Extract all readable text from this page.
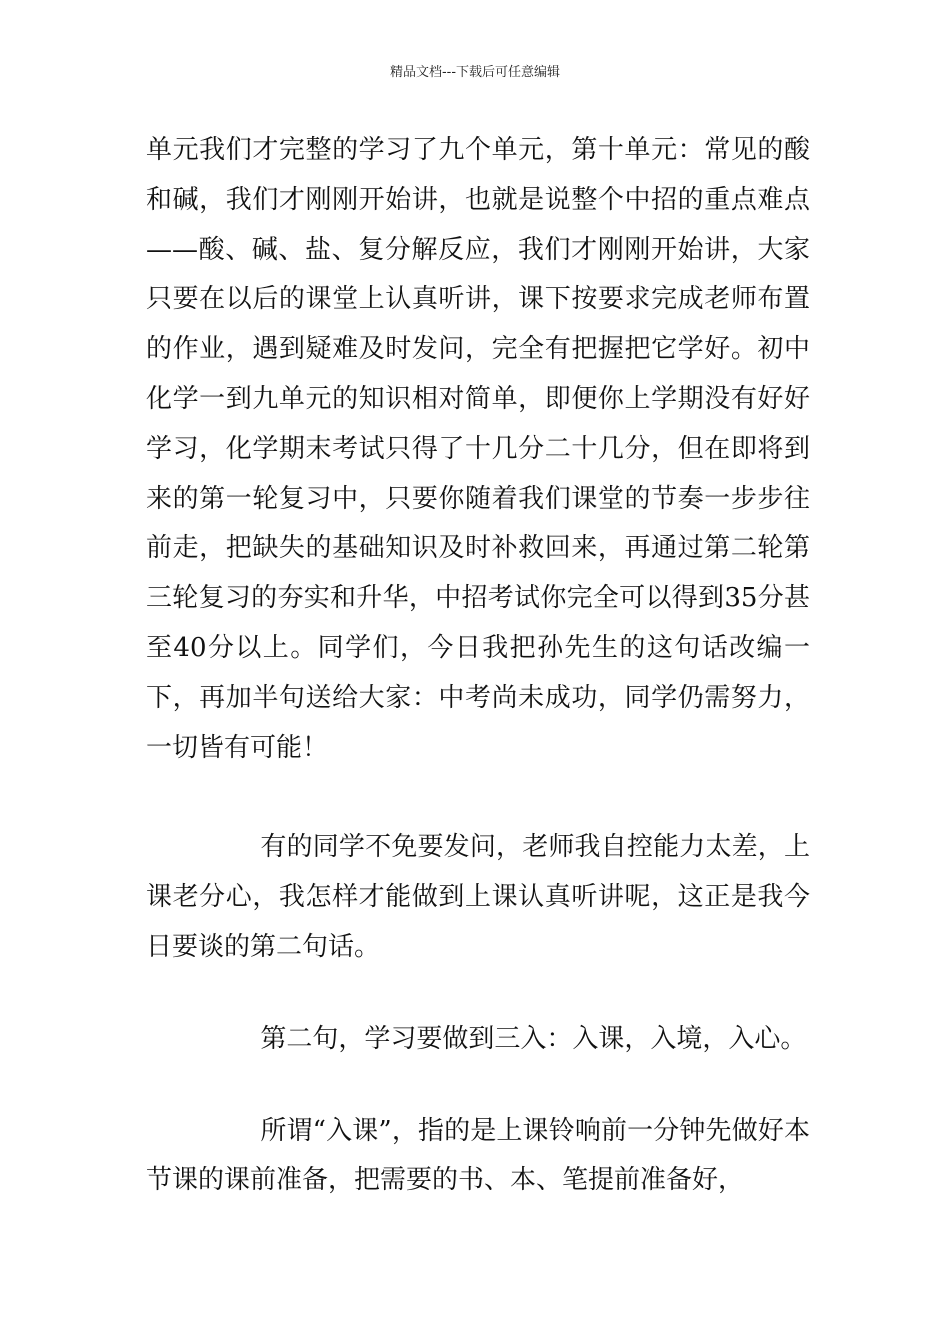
精品文档---下载后可任意编辑

单元我们才完整的学习了九个单元，第十单元：常见的酸和碱，我们才刚刚开始讲，也就是说整个中招的重点难点——酸、碱、盐、复分解反应，我们才刚刚开始讲，大家只要在以后的课堂上认真听讲，课下按要求完成老师布置的作业，遇到疑难及时发问，完全有把握把它学好。初中化学一到九单元的知识相对简单，即便你上学期没有好好学习，化学期末考试只得了十几分二十几分，但在即将到来的第一轮复习中，只要你随着我们课堂的节奏一步步往前走，把缺失的基础知识及时补救回来，再通过第二轮第三轮复习的夯实和升华，中招考试你完全可以得到35分甚至40分以上。同学们，今日我把孙先生的这句话改编一下，再加半句送给大家：中考尚未成功，同学仍需努力，一切皆有可能！

有的同学不免要发问，老师我自控能力太差，上课老分心，我怎样才能做到上课认真听讲呢，这正是我今日要谈的第二句话。

第二句，学习要做到三入：入课，入境，入心。

所谓“入课”，指的是上课铃响前一分钟先做好本节课的课前准备，把需要的书、本、笔提前准备好，
